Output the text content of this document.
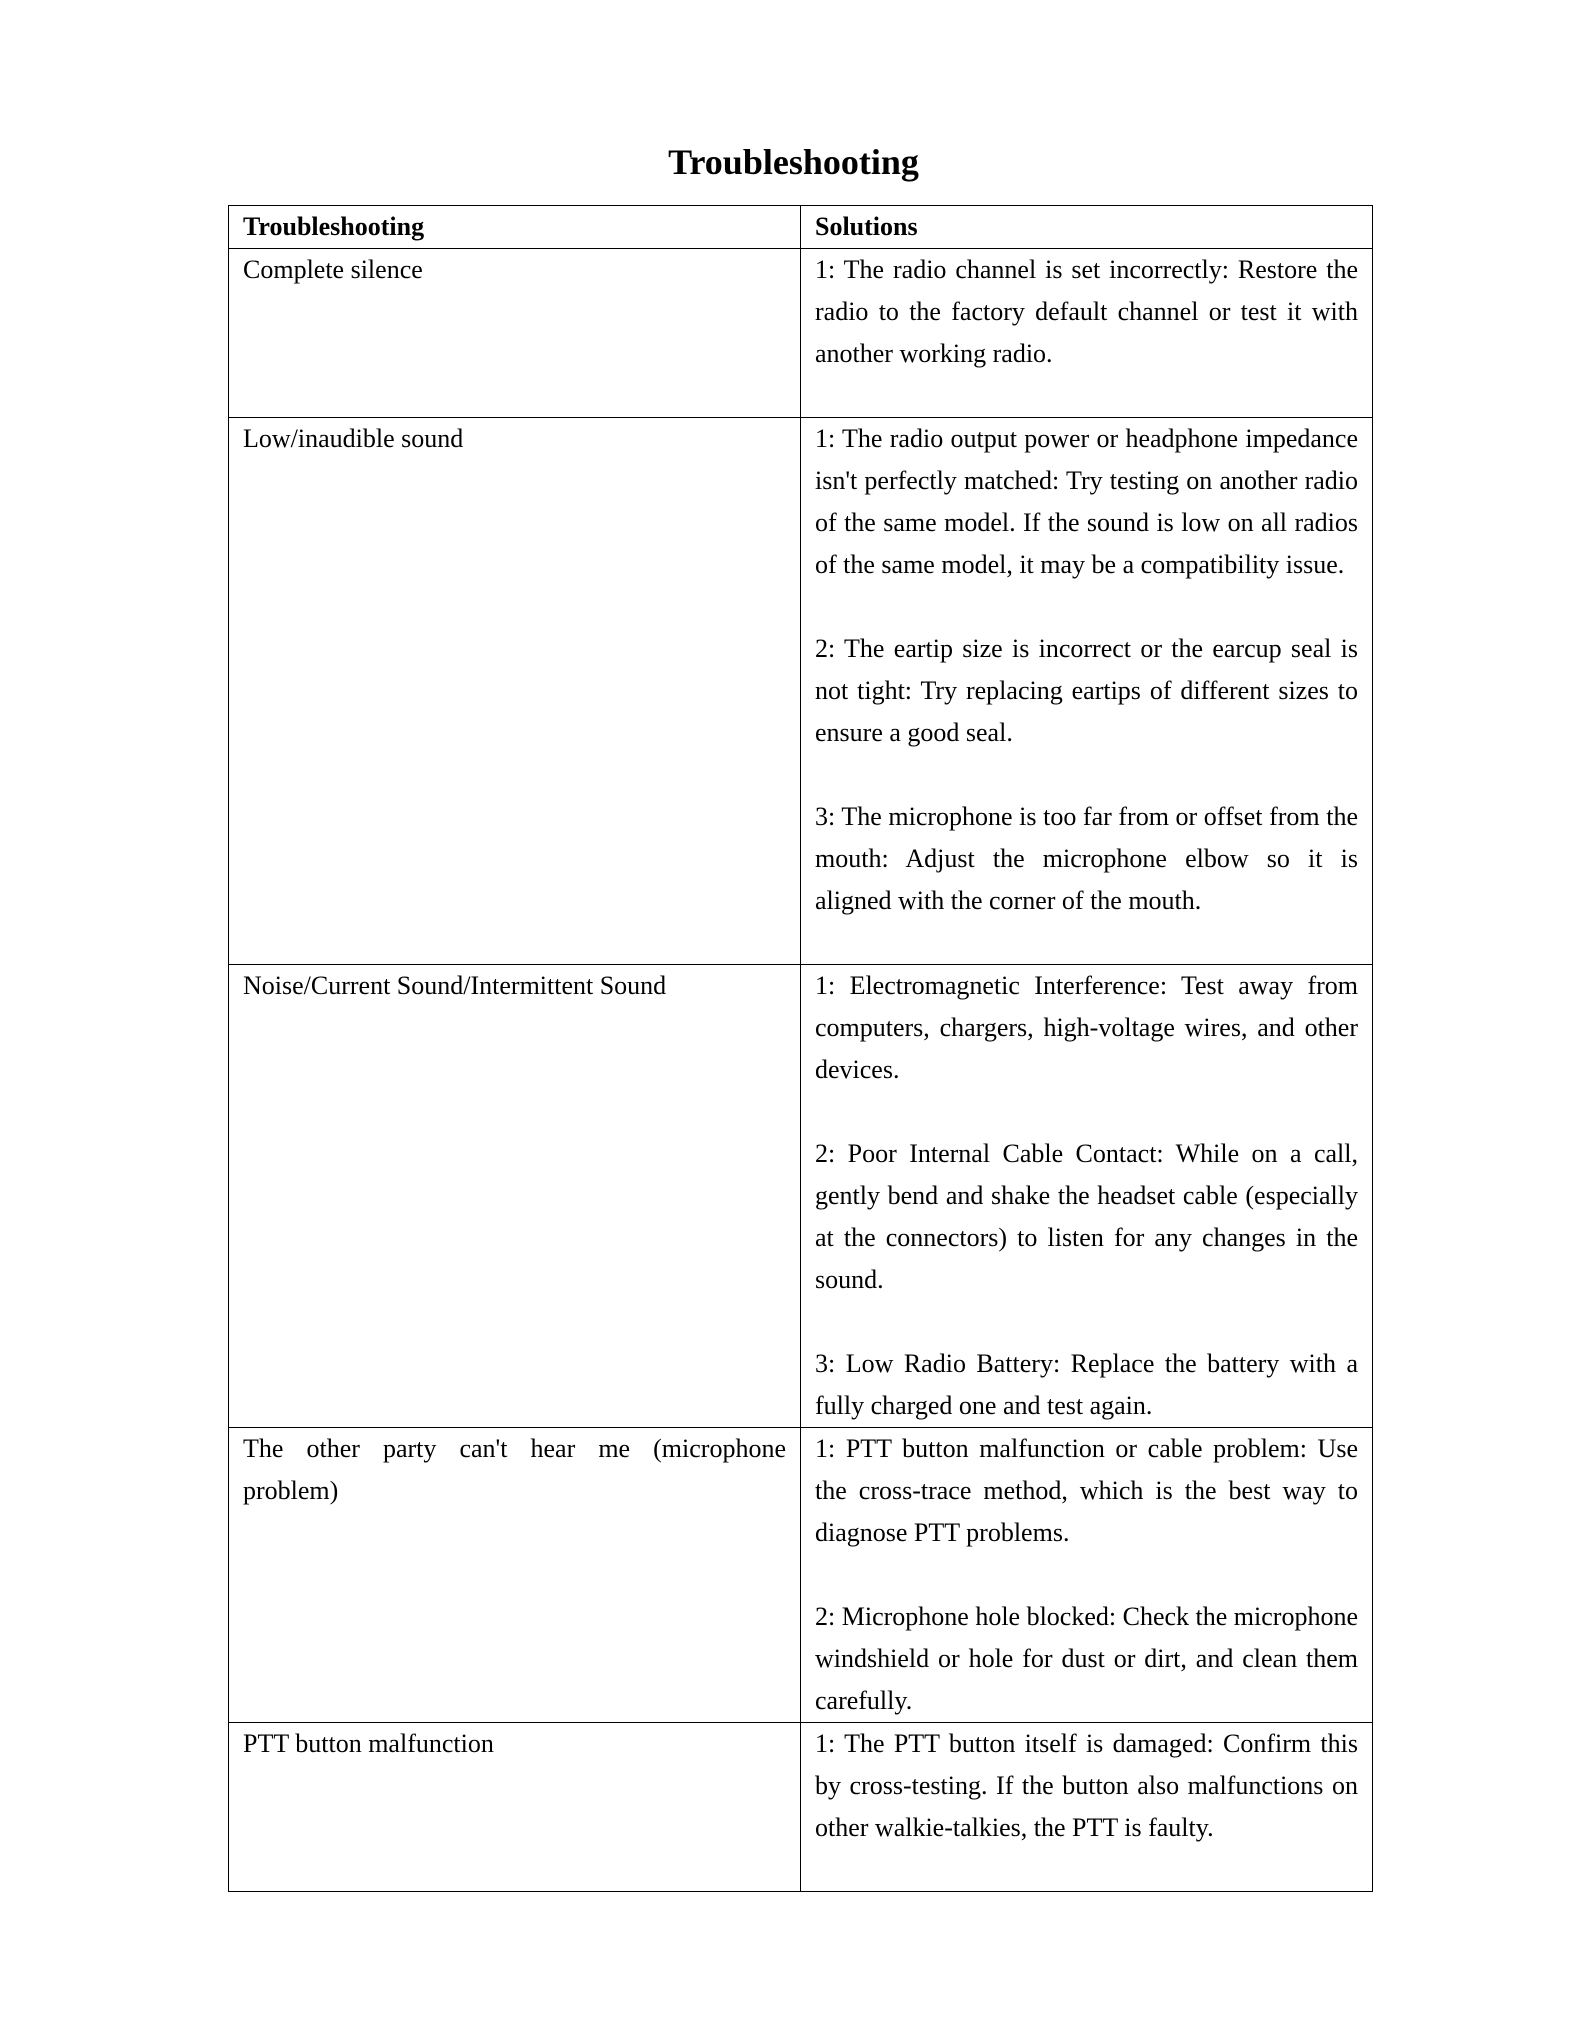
Troubleshooting
Troubleshooting	Solutions
Complete silence	1: The radio channel is set incorrectly: Restore the radio to the factory default channel or test it with another working radio.

Low/inaudible sound	1: The radio output power or headphone impedance isn't perfectly matched: Try testing on another radio of the same model. If the sound is low on all radios of the same model, it may be a compatibility issue.

2: The eartip size is incorrect or the earcup seal is not tight: Try replacing eartips of different sizes to ensure a good seal.

3: The microphone is too far from or offset from the mouth: Adjust the microphone elbow so it is aligned with the corner of the mouth.

Noise/Current Sound/Intermittent Sound	1: Electromagnetic Interference: Test away from computers, chargers, high-voltage wires, and other devices.

2: Poor Internal Cable Contact: While on a call, gently bend and shake the headset cable (especially at the connectors) to listen for any changes in the sound.

3: Low Radio Battery: Replace the battery with a fully charged one and test again.

The other party can't hear me (microphone problem)	1: PTT button malfunction or cable problem: Use the cross-trace method, which is the best way to diagnose PTT problems.

2: Microphone hole blocked: Check the microphone windshield or hole for dust or dirt, and clean them carefully.

PTT button malfunction	1: The PTT button itself is damaged: Confirm this by cross-testing. If the button also malfunctions on other walkie-talkies, the PTT is faulty.
